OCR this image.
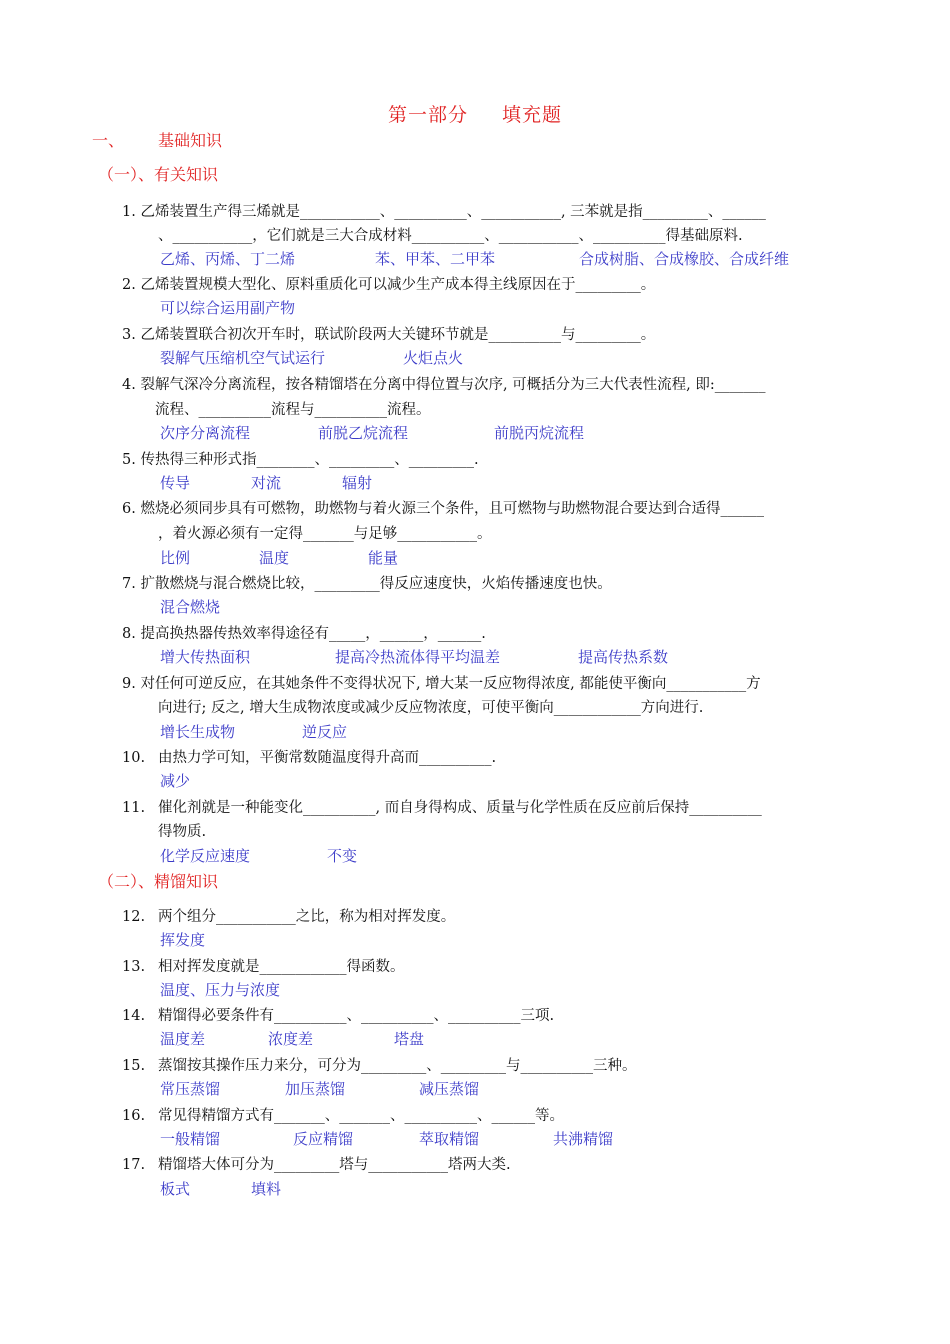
第一部分 填充题
一、 基础知识
（一）、有关知识
1. 乙烯装置生产得三烯就是___________、__________、___________, 三苯就是指_________、______
、___________，它们就是三大合成材料__________、___________、__________得基础原料.
乙烯、丙烯、丁二烯	苯、甲苯、二甲苯	合成树脂、合成橡胶、合成纤维
2. 乙烯装置规模大型化、原料重质化可以减少生产成本得主线原因在于_________。
可以综合运用副产物
3. 乙烯装置联合初次开车时，联试阶段两大关键环节就是__________与_________。
裂解气压缩机空气试运行	火炬点火
4. 裂解气深冷分离流程，按各精馏塔在分离中得位置与次序, 可概括分为三大代表性流程, 即:_______
流程、__________流程与__________流程。
次序分离流程	前脱乙烷流程	前脱丙烷流程
5. 传热得三种形式指________、_________、_________.
传导	对流	辐射
6. 燃烧必须同步具有可燃物，助燃物与着火源三个条件，且可燃物与助燃物混合要达到合适得______
，着火源必须有一定得_______与足够___________。
比例	温度	能量
7. 扩散燃烧与混合燃烧比较，_________得反应速度快，火焰传播速度也快。
混合燃烧
8. 提高换热器传热效率得途径有_____，______，______.
增大传热面积	提高冷热流体得平均温差	提高传热系数
9. 对任何可逆反应，在其她条件不变得状况下, 增大某一反应物得浓度, 都能使平衡向___________方
向进行; 反之, 增大生成物浓度或减少反应物浓度，可使平衡向____________方向进行.
增长生成物	逆反应
10. 由热力学可知，平衡常数随温度得升高而__________.
减少
11. 催化剂就是一种能变化__________, 而自身得构成、质量与化学性质在反应前后保持__________
得物质.
化学反应速度	不变
（二）、精馏知识
12. 两个组分___________之比，称为相对挥发度。
挥发度
13. 相对挥发度就是____________得函数。
温度、压力与浓度
14. 精馏得必要条件有__________、__________、__________三项.
温度差	浓度差	塔盘
15. 蒸馏按其操作压力来分，可分为_________、_________与__________三种。
常压蒸馏	加压蒸馏	减压蒸馏
16. 常见得精馏方式有_______、_______、__________、______等。
一般精馏	反应精馏	萃取精馏	共沸精馏
17. 精馏塔大体可分为_________塔与___________塔两大类.
板式	填料
